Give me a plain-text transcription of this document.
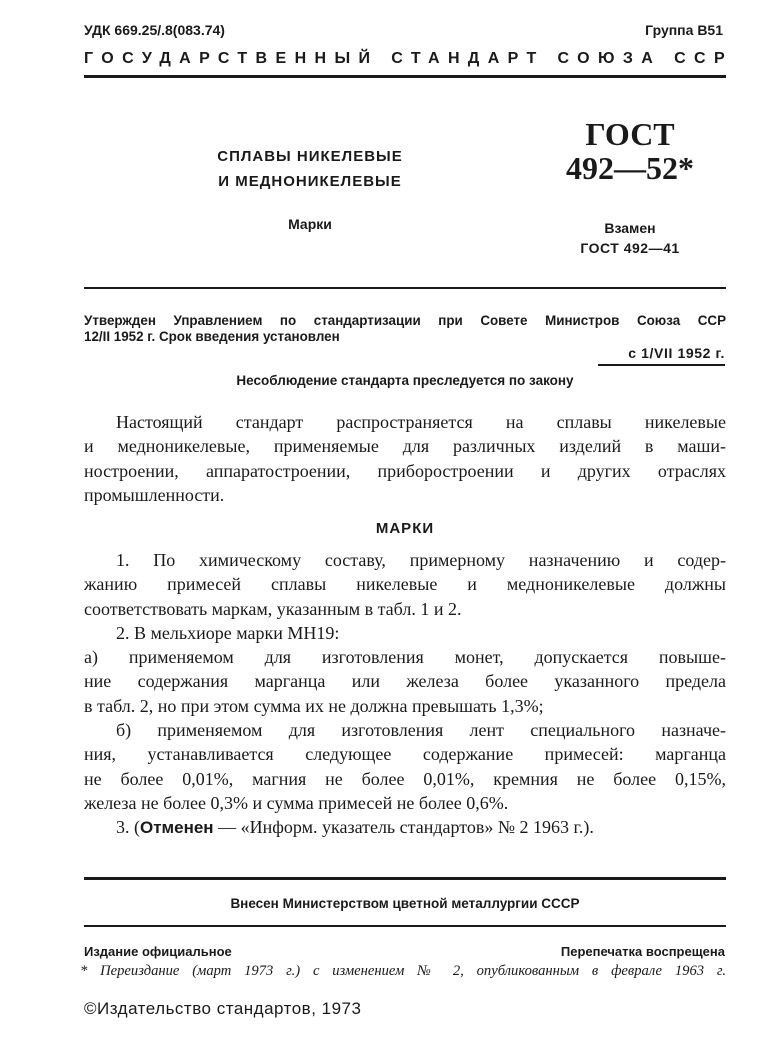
УДК 669.25/.8(083.74)	Группа В51
ГОСУДАРСТВЕННЫЙ СТАНДАРТ СОЮЗА ССР
СПЛАВЫ НИКЕЛЕВЫЕ
И МЕДНОНИКЕЛЕВЫЕ
Марки
ГОСТ
492—52*
Взамен
ГОСТ 492—41
Утвержден Управлением по стандартизации при Совете Министров Союза ССР
12/II 1952 г. Срок введения установлен
с 1/VII 1952 г.
Несоблюдение стандарта преследуется по закону
Настоящий стандарт распространяется на сплавы никелевые
и медноникелевые, применяемые для различных изделий в маши-
ностроении, аппаратостроении, приборостроении и других отраслях
промышленности.
МАРКИ
1. По химическому составу, примерному назначению и содер-
жанию примесей сплавы никелевые и медноникелевые должны
соответствовать маркам, указанным в табл. 1 и 2.
2. В мельхиоре марки МН19:
а) применяемом для изготовления монет, допускается повыше-
ние содержания марганца или железа более указанного предела
в табл. 2, но при этом сумма их не должна превышать 1,3%;
б) применяемом для изготовления лент специального назначе-
ния, устанавливается следующее содержание примесей: марганца
не более 0,01%, магния не более 0,01%, кремния не более 0,15%,
железа не более 0,3% и сумма примесей не более 0,6%.
3. (Отменен — «Информ. указатель стандартов» № 2 1963 г.).
Внесен Министерством цветной металлургии СССР
Издание официальное	Перепечатка воспрещена
* Переиздание (март 1973 г.) с изменением № 2, опубликованным в феврале 1963 г.
©Издательство стандартов, 1973
